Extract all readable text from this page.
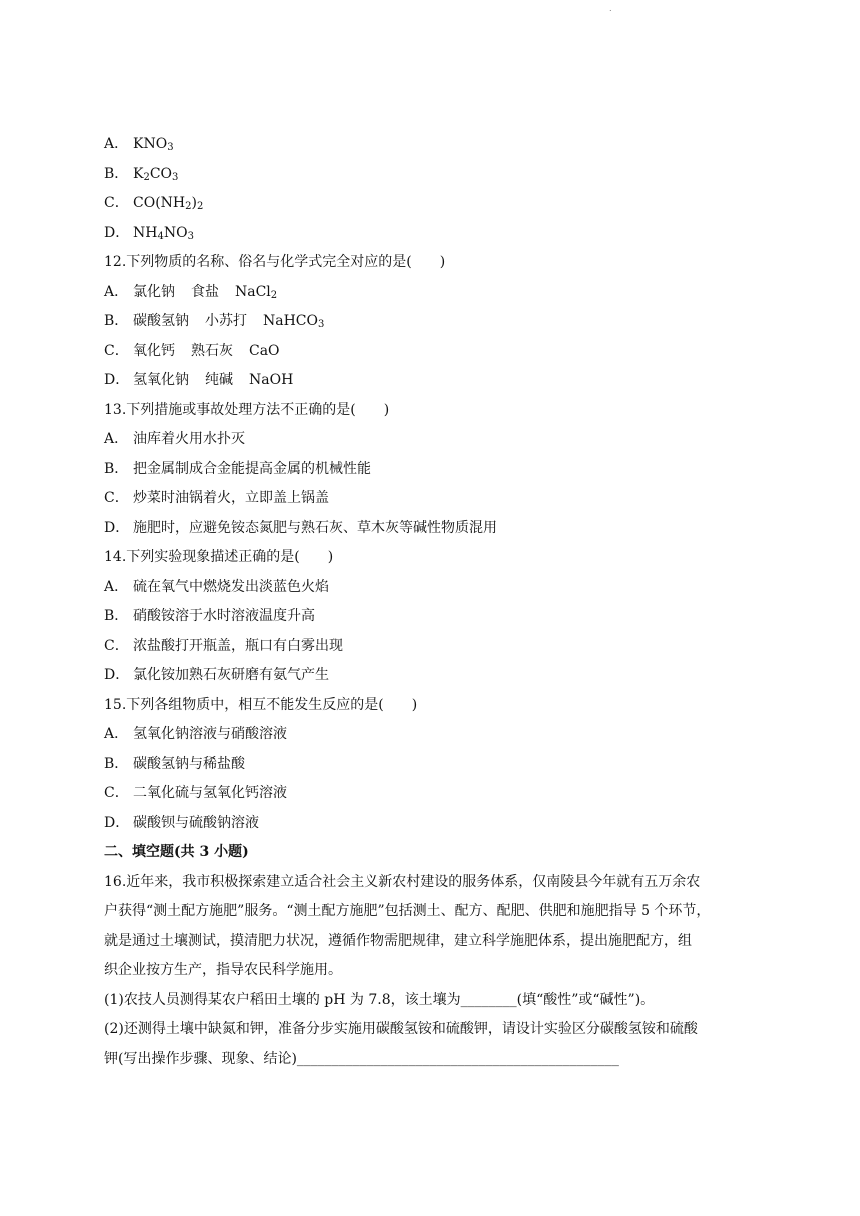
.
A． $KNO_3$
B． $K_2CO_3$
C． $CO(NH_2)_2$
D． $NH_4NO_3$
12.下列物质的名称、俗名与化学式完全对应的是(　　)
A． 氯化钠 食盐 NaCl$_2$
B． 碳酸氢钠 小苏打 NaHCO$_3$
C． 氧化钙 熟石灰 CaO
D． 氢氧化钠 纯碱 NaOH
13.下列措施或事故处理方法不正确的是(　　)
A． 油库着火用水扑灭
B． 把金属制成合金能提高金属的机械性能
C． 炒菜时油锅着火，立即盖上锅盖
D． 施肥时，应避免铵态氮肥与熟石灰、草木灰等碱性物质混用
14.下列实验现象描述正确的是(　　)
A． 硫在氧气中燃烧发出淡蓝色火焰
B． 硝酸铵溶于水时溶液温度升高
C． 浓盐酸打开瓶盖，瓶口有白雾出现
D． 氯化铵加熟石灰研磨有氨气产生
15.下列各组物质中，相互不能发生反应的是(　　)
A． 氢氧化钠溶液与硝酸溶液
B． 碳酸氢钠与稀盐酸
C． 二氧化硫与氢氧化钙溶液
D． 碳酸钡与硫酸钠溶液
二、填空题(共 3 小题)
16.近年来，我市积极探索建立适合社会主义新农村建设的服务体系，仅南陵县今年就有五万余农
户获得“测土配方施肥”服务。“测土配方施肥”包括测土、配方、配肥、供肥和施肥指导 5 个环节，
就是通过土壤测试，摸清肥力状况，遵循作物需肥规律，建立科学施肥体系，提出施肥配方，组
织企业按方生产，指导农民科学施用。
(1)农技人员测得某农户稻田土壤的 pH 为 7.8，该土壤为________(填“酸性”或“碱性”)。
(2)还测得土壤中缺氮和钾，准备分步实施用碳酸氢铵和硫酸钾，请设计实验区分碳酸氢铵和硫酸
钾(写出操作步骤、现象、结论)______________________________________________
